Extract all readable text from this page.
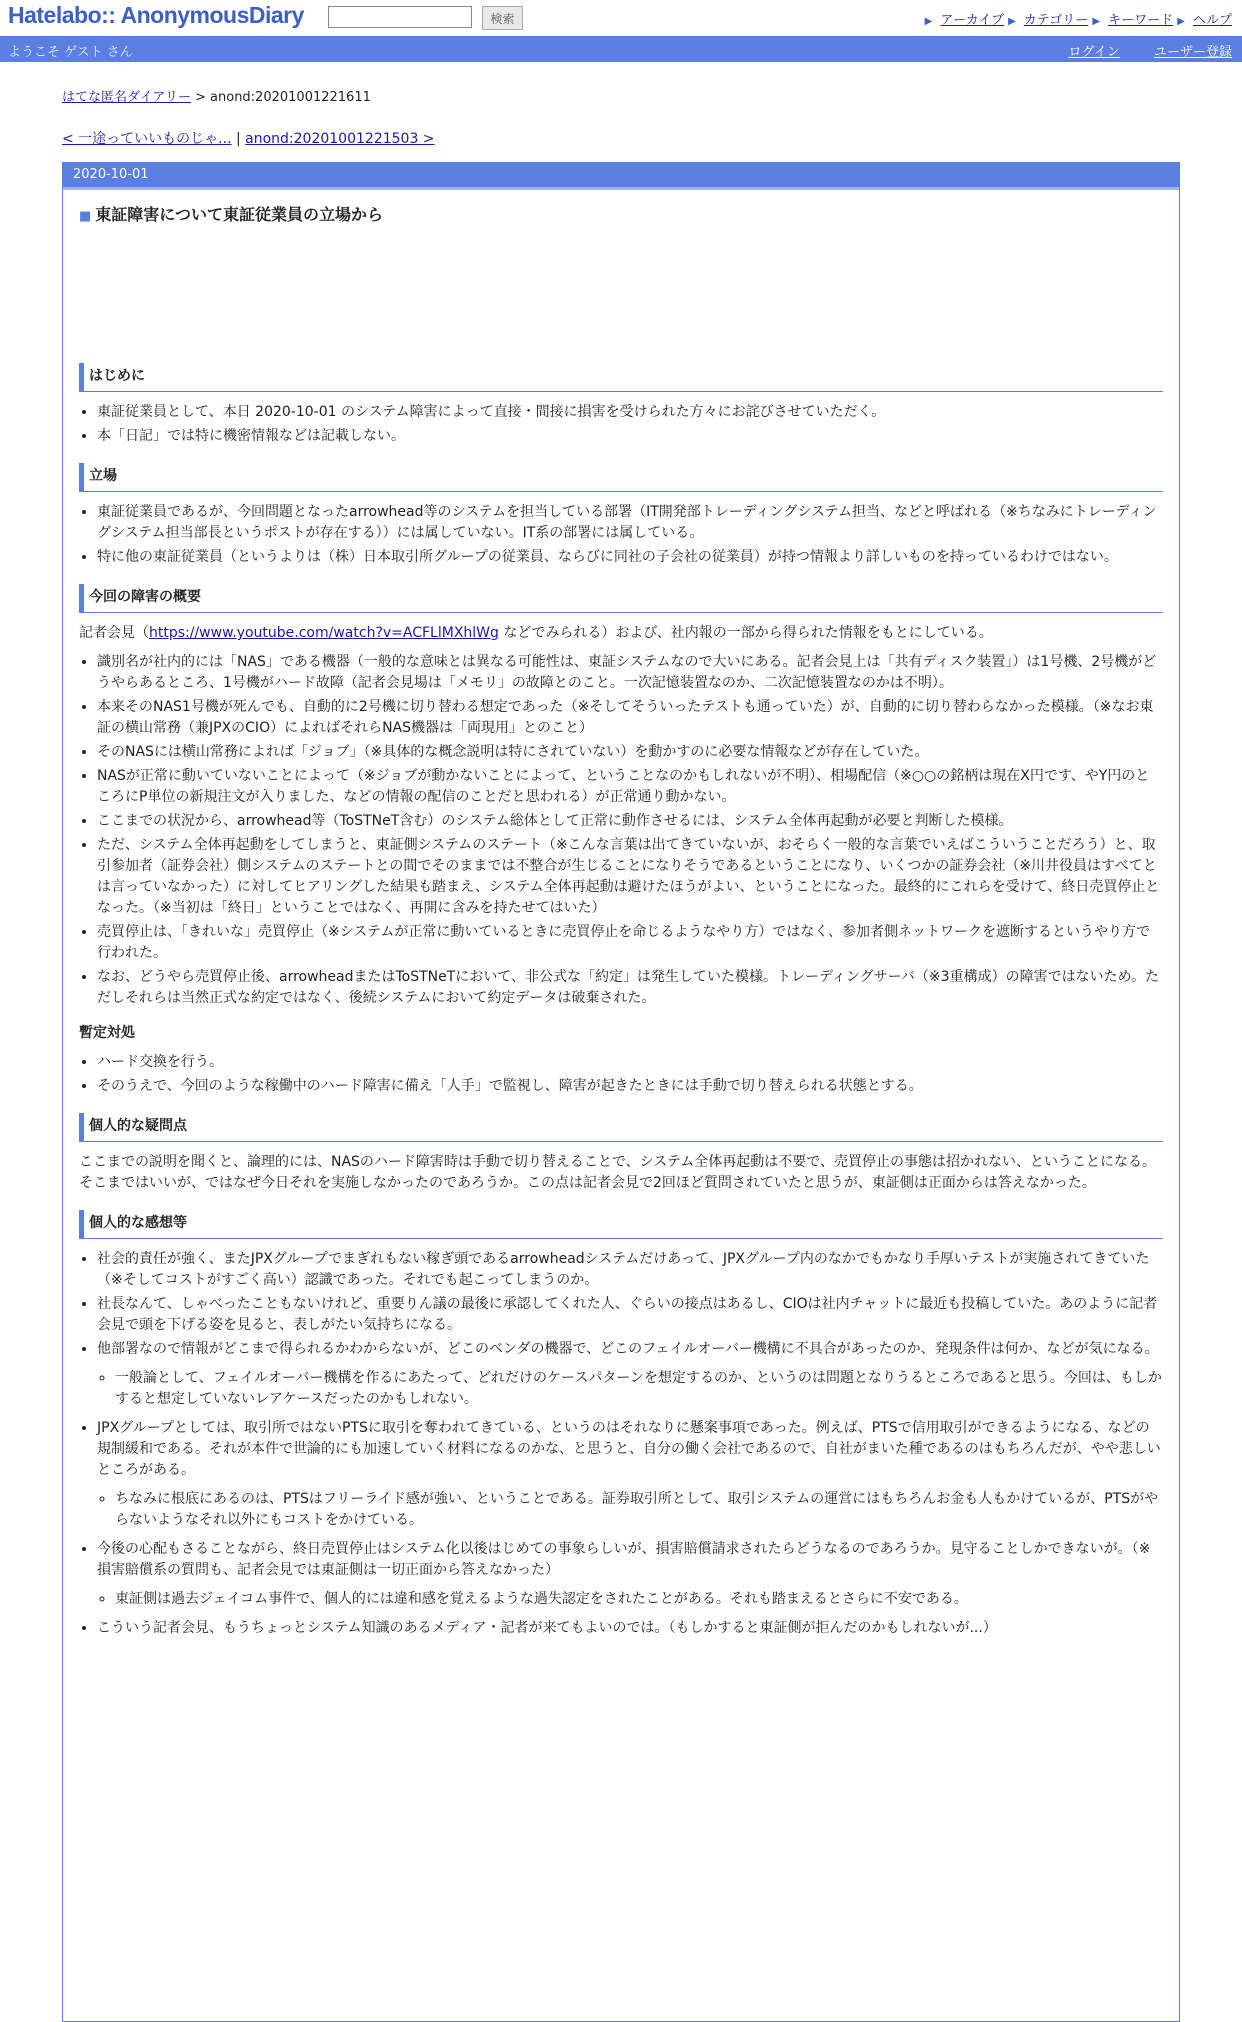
Hatelabo:: AnonymousDiary	検索	▶ アーカイブ ▶ カテゴリー ▶ キーワード ▶ ヘルプ
ようこそ ゲスト さん	ログイン	ユーザー登録
はてな匿名ダイアリー > anond:20201001221611
< 一途っていいものじゃ... | anond:20201001221503 >
2020-10-01
■ 東証障害について東証従業員の立場から
はじめに
• 東証従業員として、本日 2020-10-01 のシステム障害によって直接・間接に損害を受けられた方々にお詫びさせていただく。
• 本「日記」では特に機密情報などは記載しない。
立場
• 東証従業員であるが、今回問題となったarrowhead等のシステムを担当している部署（IT開発部トレーディングシステム担当、などと呼ばれる（※ちなみにトレーディングシステム担当部長というポストが存在する））には属していない。IT系の部署には属している。
• 特に他の東証従業員（というよりは（株）日本取引所グループの従業員、ならびに同社の子会社の従業員）が持つ情報より詳しいものを持っているわけではない。
今回の障害の概要

記者会見（https://www.youtube.com/watch?v=ACFLlMXhlWg などでみられる）および、社内報の一部から得られた情報をもとにしている。

• 識別名が社内的には「NAS」である機器（一般的な意味とは異なる可能性は、東証システムなので大いにある。記者会見上は「共有ディスク装置」）は1号機、2号機がどうやらあるところ、1号機がハード故障（記者会見場は「メモリ」の故障とのこと。一次記憶装置なのか、二次記憶装置なのかは不明）。
• 本来そのNAS1号機が死んでも、自動的に2号機に切り替わる想定であった（※そしてそういったテストも通っていた）が、自動的に切り替わらなかった模様。（※なお東証の横山常務（兼JPXのCIO）によればそれらNAS機器は「両現用」とのこと）
• そのNASには横山常務によれば「ジョブ」（※具体的な概念説明は特にされていない）を動かすのに必要な情報などが存在していた。
• NASが正常に動いていないことによって（※ジョブが動かないことによって、ということなのかもしれないが不明）、相場配信（※○○の銘柄は現在X円です、やY円のところにP単位の新規注文が入りました、などの情報の配信のことだと思われる）が正常通り動かない。
• ここまでの状況から、arrowhead等（ToSTNeT含む）のシステム総体として正常に動作させるには、システム全体再起動が必要と判断した模様。
• ただ、システム全体再起動をしてしまうと、東証側システムのステート（※こんな言葉は出てきていないが、おそらく一般的な言葉でいえばこういうことだろう）と、取引参加者（証券会社）側システムのステートとの間でそのままでは不整合が生じることになりそうであるということになり、いくつかの証券会社（※川井役員はすべてとは言っていなかった）に対してヒアリングした結果も踏まえ、システム全体再起動は避けたほうがよい、ということになった。最終的にこれらを受けて、終日売買停止となった。（※当初は「終日」ということではなく、再開に含みを持たせてはいた）
• 売買停止は、「きれいな」売買停止（※システムが正常に動いているときに売買停止を命じるようなやり方）ではなく、参加者側ネットワークを遮断するというやり方で行われた。
• なお、どうやら売買停止後、arrowheadまたはToSTNeTにおいて、非公式な「約定」は発生していた模様。トレーディングサーバ（※3重構成）の障害ではないため。ただしそれらは当然正式な約定ではなく、後続システムにおいて約定データは破棄された。
暫定対処
• ハード交換を行う。
• そのうえで、今回のような稼働中のハード障害に備え「人手」で監視し、障害が起きたときには手動で切り替えられる状態とする。
個人的な疑問点

ここまでの説明を聞くと、論理的には、NASのハード障害時は手動で切り替えることで、システム全体再起動は不要で、売買停止の事態は招かれない、ということになる。そこまではいいが、ではなぜ今日それを実施しなかったのであろうか。この点は記者会見で2回ほど質問されていたと思うが、東証側は正面からは答えなかった。

個人的な感想等
• 社会的責任が強く、またJPXグループでまぎれもない稼ぎ頭であるarrowheadシステムだけあって、JPXグループ内のなかでもかなり手厚いテストが実施されてきていた（※そしてコストがすごく高い）認識であった。それでも起こってしまうのか。
• 社長なんて、しゃべったこともないけれど、重要りん議の最後に承認してくれた人、ぐらいの接点はあるし、CIOは社内チャットに最近も投稿していた。あのように記者会見で頭を下げる姿を見ると、表しがたい気持ちになる。
• 他部署なので情報がどこまで得られるかわからないが、どこのベンダの機器で、どこのフェイルオーバー機構に不具合があったのか、発現条件は何か、などが気になる。
◦ 一般論として、フェイルオーバー機構を作るにあたって、どれだけのケースパターンを想定するのか、というのは問題となりうるところであると思う。今回は、もしかすると想定していないレアケースだったのかもしれない。
• JPXグループとしては、取引所ではないPTSに取引を奪われてきている、というのはそれなりに懸案事項であった。例えば、PTSで信用取引ができるようになる、などの規制緩和である。それが本件で世論的にも加速していく材料になるのかな、と思うと、自分の働く会社であるので、自社がまいた種であるのはもちろんだが、やや悲しいところがある。
◦ ちなみに根底にあるのは、PTSはフリーライド感が強い、ということである。証券取引所として、取引システムの運営にはもちろんお金も人もかけているが、PTSがやらないようなそれ以外にもコストをかけている。
• 今後の心配もさることながら、終日売買停止はシステム化以後はじめての事象らしいが、損害賠償請求されたらどうなるのであろうか。見守ることしかできないが。（※損害賠償系の質問も、記者会見では東証側は一切正面から答えなかった）
◦ 東証側は過去ジェイコム事件で、個人的には違和感を覚えるような過失認定をされたことがある。それも踏まえるとさらに不安である。
• こういう記者会見、もうちょっとシステム知識のあるメディア・記者が来てもよいのでは。（もしかすると東証側が拒んだのかもしれないが...）
